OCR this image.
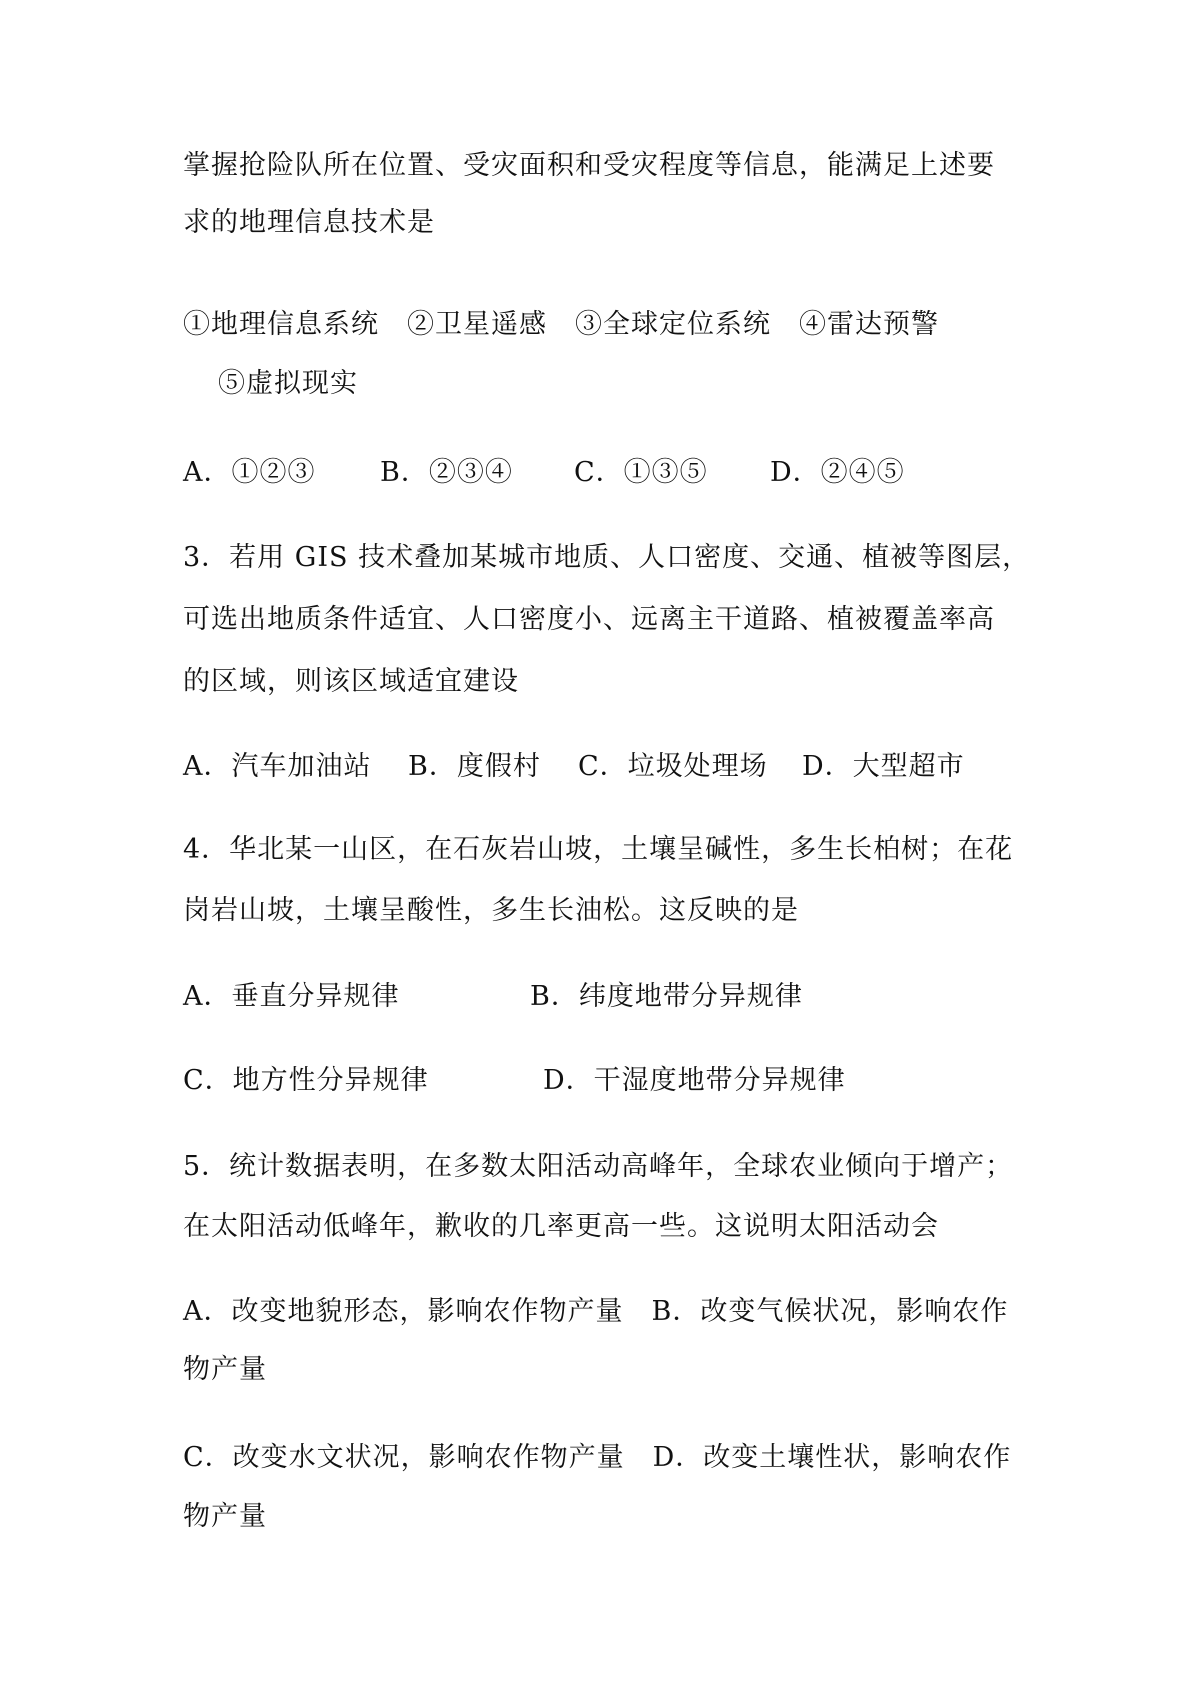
掌握抢险队所在位置、受灾面积和受灾程度等信息，能满足上述要
求的地理信息技术是
①地理信息系统　②卫星遥感　③全球定位系统　④雷达预警
⑤虚拟现实
A．①②③ B．②③④ C．①③⑤ D．②④⑤
3．若用 GIS 技术叠加某城市地质、人口密度、交通、植被等图层，
可选出地质条件适宜、人口密度小、远离主干道路、植被覆盖率高
的区域，则该区域适宜建设
A．汽车加油站 B．度假村 C．垃圾处理场 D．大型超市
4．华北某一山区，在石灰岩山坡，土壤呈碱性，多生长柏树；在花
岗岩山坡，土壤呈酸性，多生长油松。这反映的是
A．垂直分异规律	B．纬度地带分异规律
C．地方性分异规律	D．干湿度地带分异规律
5．统计数据表明，在多数太阳活动高峰年，全球农业倾向于增产；
在太阳活动低峰年，歉收的几率更高一些。这说明太阳活动会
A．改变地貌形态，影响农作物产量　B．改变气候状况，影响农作
物产量
C．改变水文状况，影响农作物产量　D．改变土壤性状，影响农作
物产量
